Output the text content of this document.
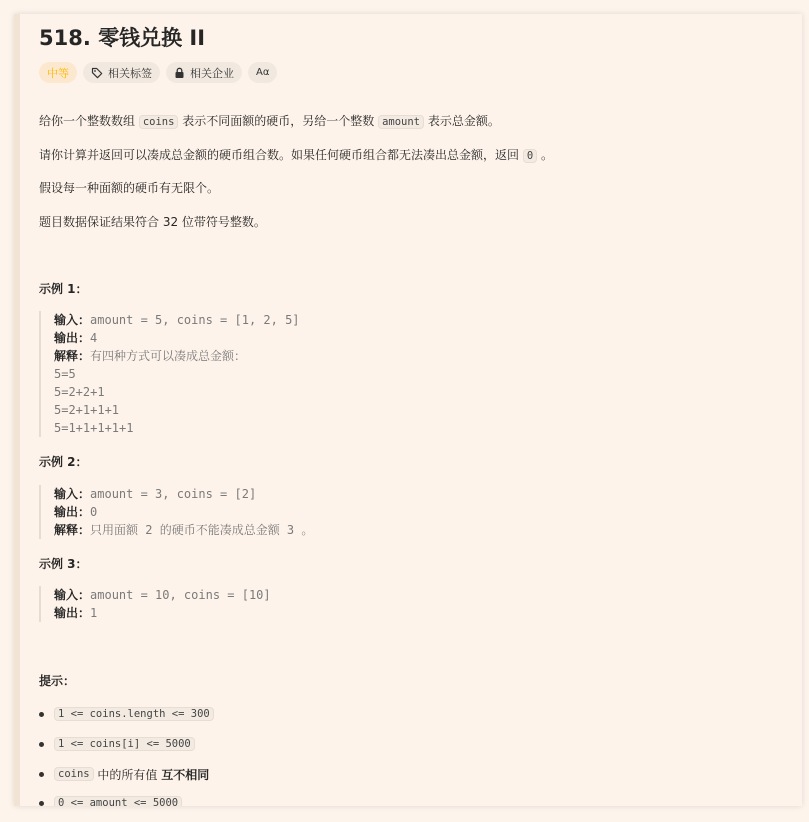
518. 零钱兑换 II
中等	相关标签	相关企业 Aα
给你一个整数数组 coins 表示不同面额的硬币，另给一个整数 amount 表示总金额。
请你计算并返回可以凑成总金额的硬币组合数。如果任何硬币组合都无法凑出总金额，返回 0 。
假设每一种面额的硬币有无限个。
题目数据保证结果符合 32 位带符号整数。
示例 1：
输入：amount = 5, coins = [1, 2, 5]
输出：4
解释：有四种方式可以凑成总金额：
5=5
5=2+2+1
5=2+1+1+1
5=1+1+1+1+1
示例 2：
输入：amount = 3, coins = [2]
输出：0
解释：只用面额 2 的硬币不能凑成总金额 3 。
示例 3：
输入：amount = 10, coins = [10]
输出：1
提示：
1 <= coins.length <= 300
1 <= coins[i] <= 5000
coins 中的所有值 互不相同
0 <= amount <= 5000
